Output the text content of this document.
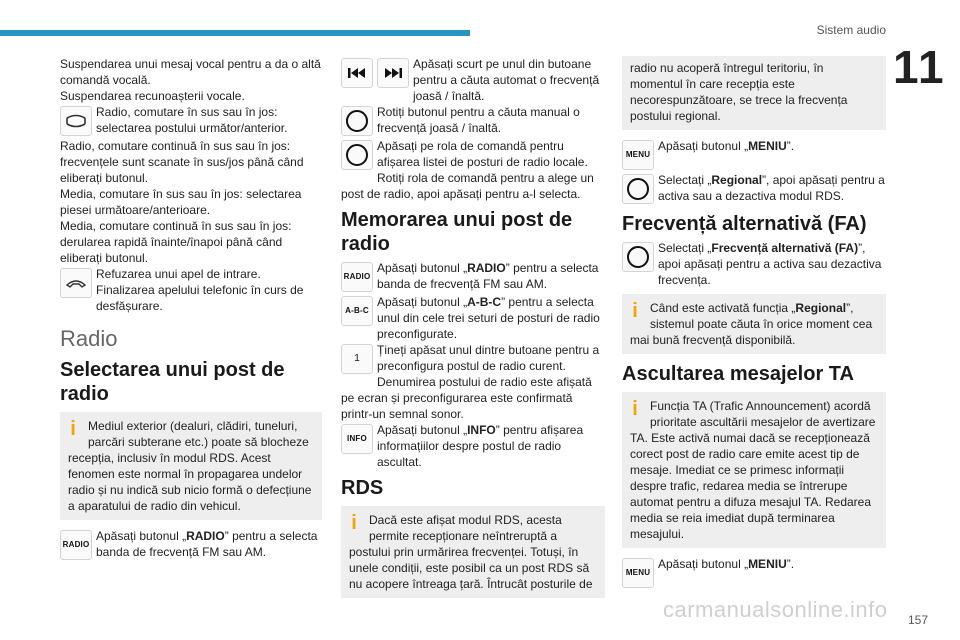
Sistem audio
11

Suspendarea unui mesaj vocal pentru a da o altă comandă vocală.
Suspendarea recunoașterii vocale.

Radio, comutare în sus sau în jos: selectarea postului următor/anterior.

Radio, comutare continuă în sus sau în jos: frecvențele sunt scanate în sus/jos până când eliberați butonul.

Media, comutare în sus sau în jos: selectarea piesei următoare/anterioare.

Media, comutare continuă în sus sau în jos: derularea rapidă înainte/înapoi până când eliberați butonul.

Refuzarea unui apel de intrare.
Finalizarea apelului telefonic în curs de desfășurare.

Radio
Selectarea unui post de radio
i	Mediul exterior (dealuri, clădiri, tuneluri, parcări subterane etc.) poate să blocheze recepția, inclusiv în modul RDS. Acest fenomen este normal în propagarea undelor radio și nu indică sub nicio formă o defecțiune a aparatului de radio din vehicul.

RADIO

Apăsați butonul „RADIO” pentru a selecta banda de frecvență FM sau AM.

Apăsați scurt pe unul din butoane pentru a căuta automat o frecvență joasă / înaltă.

Rotiți butonul pentru a căuta manual o frecvență joasă / înaltă.

Apăsați pe rola de comandă pentru afișarea listei de posturi de radio locale.
Rotiți rola de comandă pentru a alege un post de radio, apoi apăsați pentru a-l selecta.

Memorarea unui post de radio
RADIO

Apăsați butonul „RADIO” pentru a selecta banda de frecvență FM sau AM.

A-B-C

Apăsați butonul „A-B-C” pentru a selecta unul din cele trei seturi de posturi de radio preconfigurate.

1

Țineți apăsat unul dintre butoane pentru a preconfigura postul de radio curent.
Denumirea postului de radio este afișată pe ecran și preconfigurarea este confirmată printr-un semnal sonor.

INFO

Apăsați butonul „INFO” pentru afișarea informațiilor despre postul de radio ascultat.

RDS
i	Dacă este afișat modul RDS, acesta permite recepționare neîntreruptă a postului prin urmărirea frecvenței. Totuși, în unele condiții, este posibil ca un post RDS să nu acopere întreaga țară. Întrucât posturile de

radio nu acoperă întregul teritoriu, în momentul în care recepția este necorespunzătoare, se trece la frecvența postului regional.

MENU

Apăsați butonul „MENIU”.

Selectați „Regional”, apoi apăsați pentru a activa sau a dezactiva modul RDS.

Frecvență alternativă (FA)

Selectați „Frecvență alternativă (FA)”, apoi apăsați pentru a activa sau dezactiva frecvența.

i	Când este activată funcția „Regional”, sistemul poate căuta în orice moment cea mai bună frecvență disponibilă.

Ascultarea mesajelor TA
i	Funcția TA (Trafic Announcement) acordă prioritate ascultării mesajelor de avertizare TA. Este activă numai dacă se recepționează corect post de radio care emite acest tip de mesaje. Imediat ce se primesc informații despre trafic, redarea media se întrerupe automat pentru a difuza mesajul TA. Redarea media se reia imediat după terminarea mesajului.

MENU

Apăsați butonul „MENIU”.

carmanualsonline.info 157
